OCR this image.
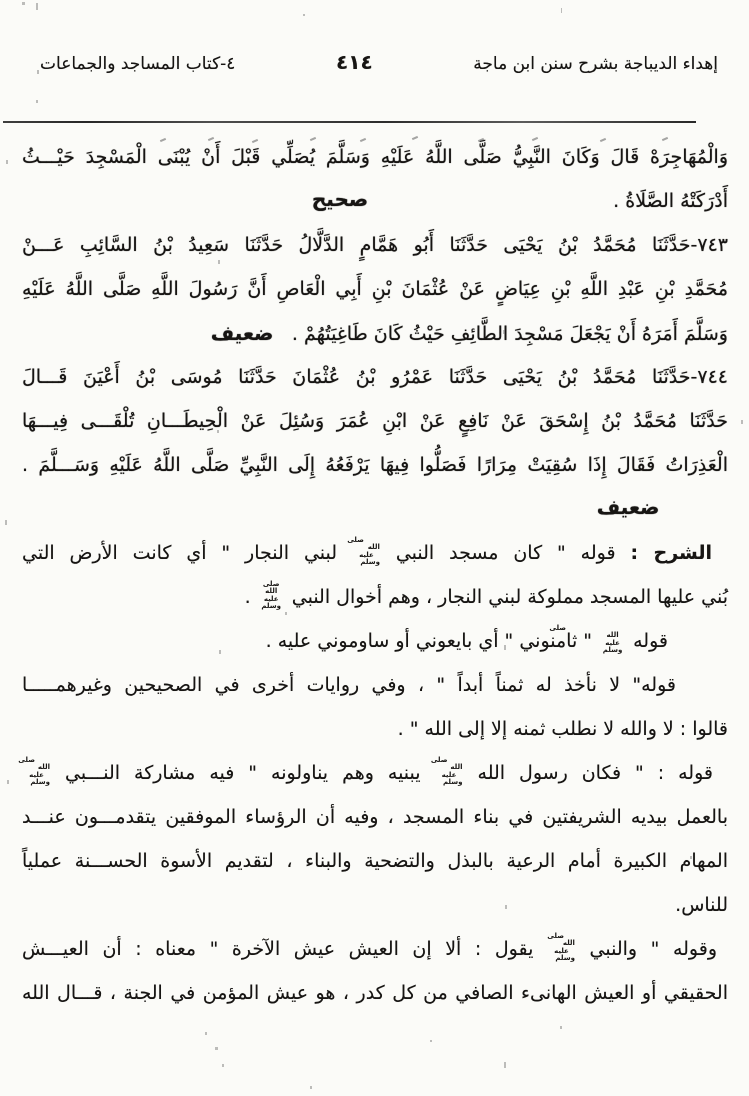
إهداء الديباجة بشرح سنن ابن ماجة
٤١٤
٤-كتاب المساجد والجماعات
وَالْمُهَاجِرَهْ قَالَ وَكَانَ النَّبِيُّ صَلَّى اللَّهُ عَلَيْهِ وَسَلَّمَ يُصَلِّي قَبْلَ أَنْ يُبْنَى الْمَسْجِدَ حَيْـــثُ
أَدْرَكَتْهُ الصَّلَاةُ .
صحيح
٧٤٣-حَدَّثَنَا مُحَمَّدُ بْنُ يَحْيَى حَدَّثَنَا أَبُو هَمَّامٍ الدَّلَّالُ حَدَّثَنَا سَعِيدُ بْنُ السَّائِبِ عَـــنْ
مُحَمَّدِ بْنِ عَبْدِ اللَّهِ بْنِ عِيَاضٍ عَنْ عُثْمَانَ بْنِ أَبِي الْعَاصِ أَنَّ رَسُولَ اللَّهِ صَلَّى اللَّهُ عَلَيْهِ
وَسَلَّمَ أَمَرَهُ أَنْ يَجْعَلَ مَسْجِدَ الطَّائِفِ حَيْثُ كَانَ طَاغِيَتُهُمْ . ضعيف
٧٤٤-حَدَّثَنَا مُحَمَّدُ بْنُ يَحْيَى حَدَّثَنَا عَمْرُو بْنُ عُثْمَانَ حَدَّثَنَا مُوسَى بْنُ أَعْيَنَ قَـــالَ
حَدَّثَنَا مُحَمَّدُ بْنُ إِسْحَقَ عَنْ نَافِعٍ عَنْ ابْنِ عُمَرَ وَسُئِلَ عَنْ الْحِيطَـــانِ تُلْقَـــى فِيـــهَا
الْعَذِرَاتُ فَقَالَ إِذَا سُقِيَتْ مِرَارًا فَصَلُّوا فِيهَا يَرْفَعُهُ إِلَى النَّبِيِّ صَلَّى اللَّهُ عَلَيْهِ وَسَـــلَّمَ .
ضعيف
الشرح : قوله " كان مسجد النبي صلى الله
عليه وسلم لبني النجار " أي كانت الأرض التي
بُني عليها المسجد مملوكة لبني النجار ، وهم أخوال النبي صلى الله
عليه وسلم .
قوله صلى الله
عليه وسلم " ثامنوني " أي بايعوني أو ساوموني عليه .
قوله" لا نأخذ له ثمناً أبداً " ، وفي روايات أخرى في الصحيحين وغيرهمـــــا
قالوا : لا والله لا نطلب ثمنه إلا إلى الله " .
قوله : " فكان رسول الله صلى الله
عليه وسلم يبنيه وهم يناولونه " فيه مشاركة النـــبي صلى الله
عليه وسلم
بالعمل بيديه الشريفتين في بناء المسجد ، وفيه أن الرؤساء الموفقين يتقدمـــون عنـــد
المهام الكبيرة أمام الرعية بالبذل والتضحية والبناء ، لتقديم الأسوة الحســـنة عملياً
للناس.
وقوله " والنبي صلى الله
عليه وسلم يقول : ألا إن العيش عيش الآخرة " معناه : أن العيـــش
الحقيقي أو العيش الهانىء الصافي من كل كدر ، هو عيش المؤمن في الجنة ، قـــال الله
